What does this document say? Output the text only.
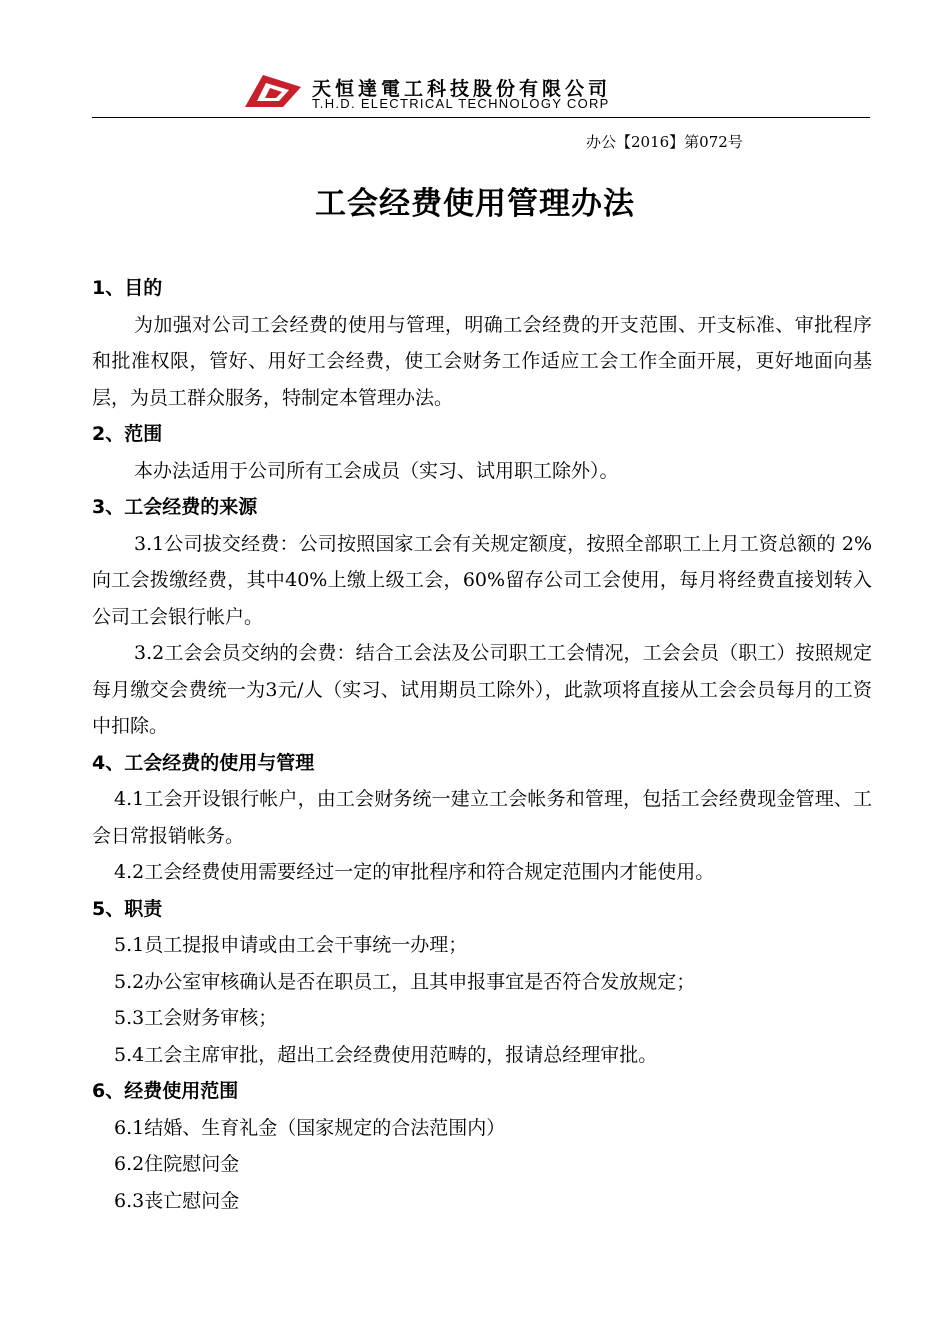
天恒達電工科技股份有限公司
T.H.D. ELECTRICAL TECHNOLOGY CORP
办公【2016】第072号
工会经费使用管理办法

1、目的

为加强对公司工会经费的使用与管理，明确工会经费的开支范围、开支标准、审批程序和批准权限，管好、用好工会经费，使工会财务工作适应工会工作全面开展，更好地面向基层，为员工群众服务，特制定本管理办法。

2、范围

本办法适用于公司所有工会成员（实习、试用职工除外）。

3、工会经费的来源

3.1公司拔交经费：公司按照国家工会有关规定额度，按照全部职工上月工资总额的 2% 向工会拨缴经费，其中40%上缴上级工会，60%留存公司工会使用，每月将经费直接划转入公司工会银行帐户。

3.2工会会员交纳的会费：结合工会法及公司职工工会情况，工会会员（职工）按照规定每月缴交会费统一为3元/人（实习、试用期员工除外），此款项将直接从工会会员每月的工资中扣除。

4、工会经费的使用与管理

4.1工会开设银行帐户，由工会财务统一建立工会帐务和管理，包括工会经费现金管理、工会日常报销帐务。

4.2工会经费使用需要经过一定的审批程序和符合规定范围内才能使用。

5、职责

5.1员工提报申请或由工会干事统一办理；

5.2办公室审核确认是否在职员工，且其申报事宜是否符合发放规定；

5.3工会财务审核；

5.4工会主席审批，超出工会经费使用范畴的，报请总经理审批。

6、经费使用范围

6.1结婚、生育礼金（国家规定的合法范围内）

6.2住院慰问金

6.3丧亡慰问金
